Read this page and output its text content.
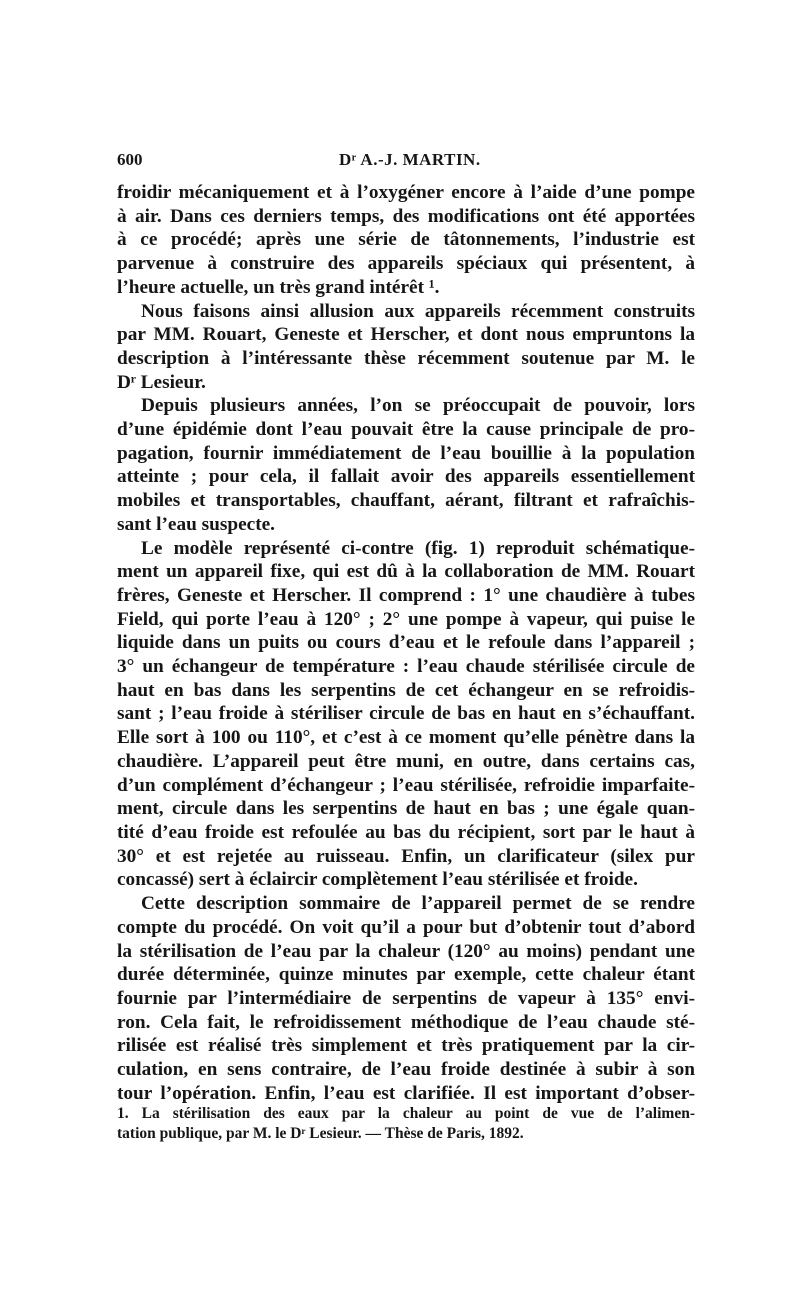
600	Dʳ A.-J. MARTIN.

froidir mécaniquement et à l’oxygéner encore à l’aide d’une pompe
à air. Dans ces derniers temps, des modifications ont été apportées
à ce procédé; après une série de tâtonnements, l’industrie est
parvenue à construire des appareils spéciaux qui présentent, à
l’heure actuelle, un très grand intérêt ¹.

Nous faisons ainsi allusion aux appareils récemment construits
par MM. Rouart, Geneste et Herscher, et dont nous empruntons la
description à l’intéressante thèse récemment soutenue par M. le
Dʳ Lesieur.

Depuis plusieurs années, l’on se préoccupait de pouvoir, lors
d’une épidémie dont l’eau pouvait être la cause principale de pro-
pagation, fournir immédiatement de l’eau bouillie à la population
atteinte ; pour cela, il fallait avoir des appareils essentiellement
mobiles et transportables, chauffant, aérant, filtrant et rafraîchis-
sant l’eau suspecte.

Le modèle représenté ci-contre (fig. 1) reproduit schématique-
ment un appareil fixe, qui est dû à la collaboration de MM. Rouart
frères, Geneste et Herscher. Il comprend : 1° une chaudière à tubes
Field, qui porte l’eau à 120° ; 2° une pompe à vapeur, qui puise le
liquide dans un puits ou cours d’eau et le refoule dans l’appareil ;
3° un échangeur de température : l’eau chaude stérilisée circule de
haut en bas dans les serpentins de cet échangeur en se refroidis-
sant ; l’eau froide à stériliser circule de bas en haut en s’échauffant.
Elle sort à 100 ou 110°, et c’est à ce moment qu’elle pénètre dans la
chaudière. L’appareil peut être muni, en outre, dans certains cas,
d’un complément d’échangeur ; l’eau stérilisée, refroidie imparfaite-
ment, circule dans les serpentins de haut en bas ; une égale quan-
tité d’eau froide est refoulée au bas du récipient, sort par le haut à
30° et est rejetée au ruisseau. Enfin, un clarificateur (silex pur
concassé) sert à éclaircir complètement l’eau stérilisée et froide.

Cette description sommaire de l’appareil permet de se rendre
compte du procédé. On voit qu’il a pour but d’obtenir tout d’abord
la stérilisation de l’eau par la chaleur (120° au moins) pendant une
durée déterminée, quinze minutes par exemple, cette chaleur étant
fournie par l’intermédiaire de serpentins de vapeur à 135° envi-
ron. Cela fait, le refroidissement méthodique de l’eau chaude sté-
rilisée est réalisé très simplement et très pratiquement par la cir-
culation, en sens contraire, de l’eau froide destinée à subir à son
tour l’opération. Enfin, l’eau est clarifiée. Il est important d’obser-

1. La stérilisation des eaux par la chaleur au point de vue de l’alimen-
tation publique, par M. le Dʳ Lesieur. — Thèse de Paris, 1892.
